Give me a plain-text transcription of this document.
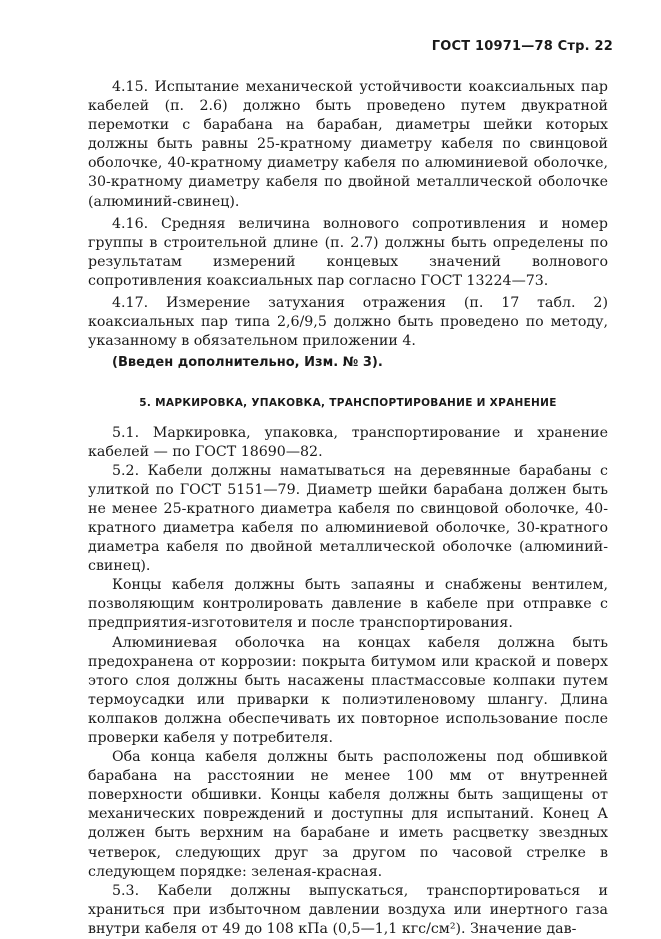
ГОСТ 10971—78 Стр. 22

4.15. Испытание механической устойчивости коаксиальных пар кабелей (п. 2.6) должно быть проведено путем двукратной перемотки с барабана на барабан, диаметры шейки которых должны быть равны 25-кратному диаметру кабеля по свинцовой оболочке, 40-кратному диаметру кабеля по алюминиевой оболочке, 30-кратному диаметру кабеля по двойной металлической оболочке (алюминий-свинец).

4.16. Средняя величина волнового сопротивления и номер группы в строительной длине (п. 2.7) должны быть определены по результатам измерений концевых значений волнового сопротивления коаксиальных пар согласно ГОСТ 13224—73.

4.17. Измерение затухания отражения (п. 17 табл. 2) коаксиальных пар типа 2,6/9,5 должно быть проведено по методу, указанному в обязательном приложении 4.

(Введен дополнительно, Изм. № 3).

5. МАРКИРОВКА, УПАКОВКА, ТРАНСПОРТИРОВАНИЕ И ХРАНЕНИЕ

5.1. Маркировка, упаковка, транспортирование и хранение кабелей — по ГОСТ 18690—82.

5.2. Кабели должны наматываться на деревянные барабаны с улиткой по ГОСТ 5151—79. Диаметр шейки барабана должен быть не менее 25-кратного диаметра кабеля по свинцовой оболочке, 40-кратного диаметра кабеля по алюминиевой оболочке, 30-кратного диаметра кабеля по двойной металлической оболочке (алюминий-свинец).

Концы кабеля должны быть запаяны и снабжены вентилем, позволяющим контролировать давление в кабеле при отправке с предприятия-изготовителя и после транспортирования.

Алюминиевая оболочка на концах кабеля должна быть предохранена от коррозии: покрыта битумом или краской и поверх этого слоя должны быть насажены пластмассовые колпаки путем термоусадки или приварки к полиэтиленовому шлангу. Длина колпаков должна обеспечивать их повторное использование после проверки кабеля у потребителя.

Оба конца кабеля должны быть расположены под обшивкой барабана на расстоянии не менее 100 мм от внутренней поверхности обшивки. Концы кабеля должны быть защищены от механических повреждений и доступны для испытаний. Конец А должен быть верхним на барабане и иметь расцветку звездных четверок, следующих друг за другом по часовой стрелке в следующем порядке: зеленая-красная.

5.3. Кабели должны выпускаться, транспортироваться и храниться при избыточном давлении воздуха или инертного газа внутри кабеля от 49 до 108 кПа (0,5—1,1 кгс/см²). Значение дав-
